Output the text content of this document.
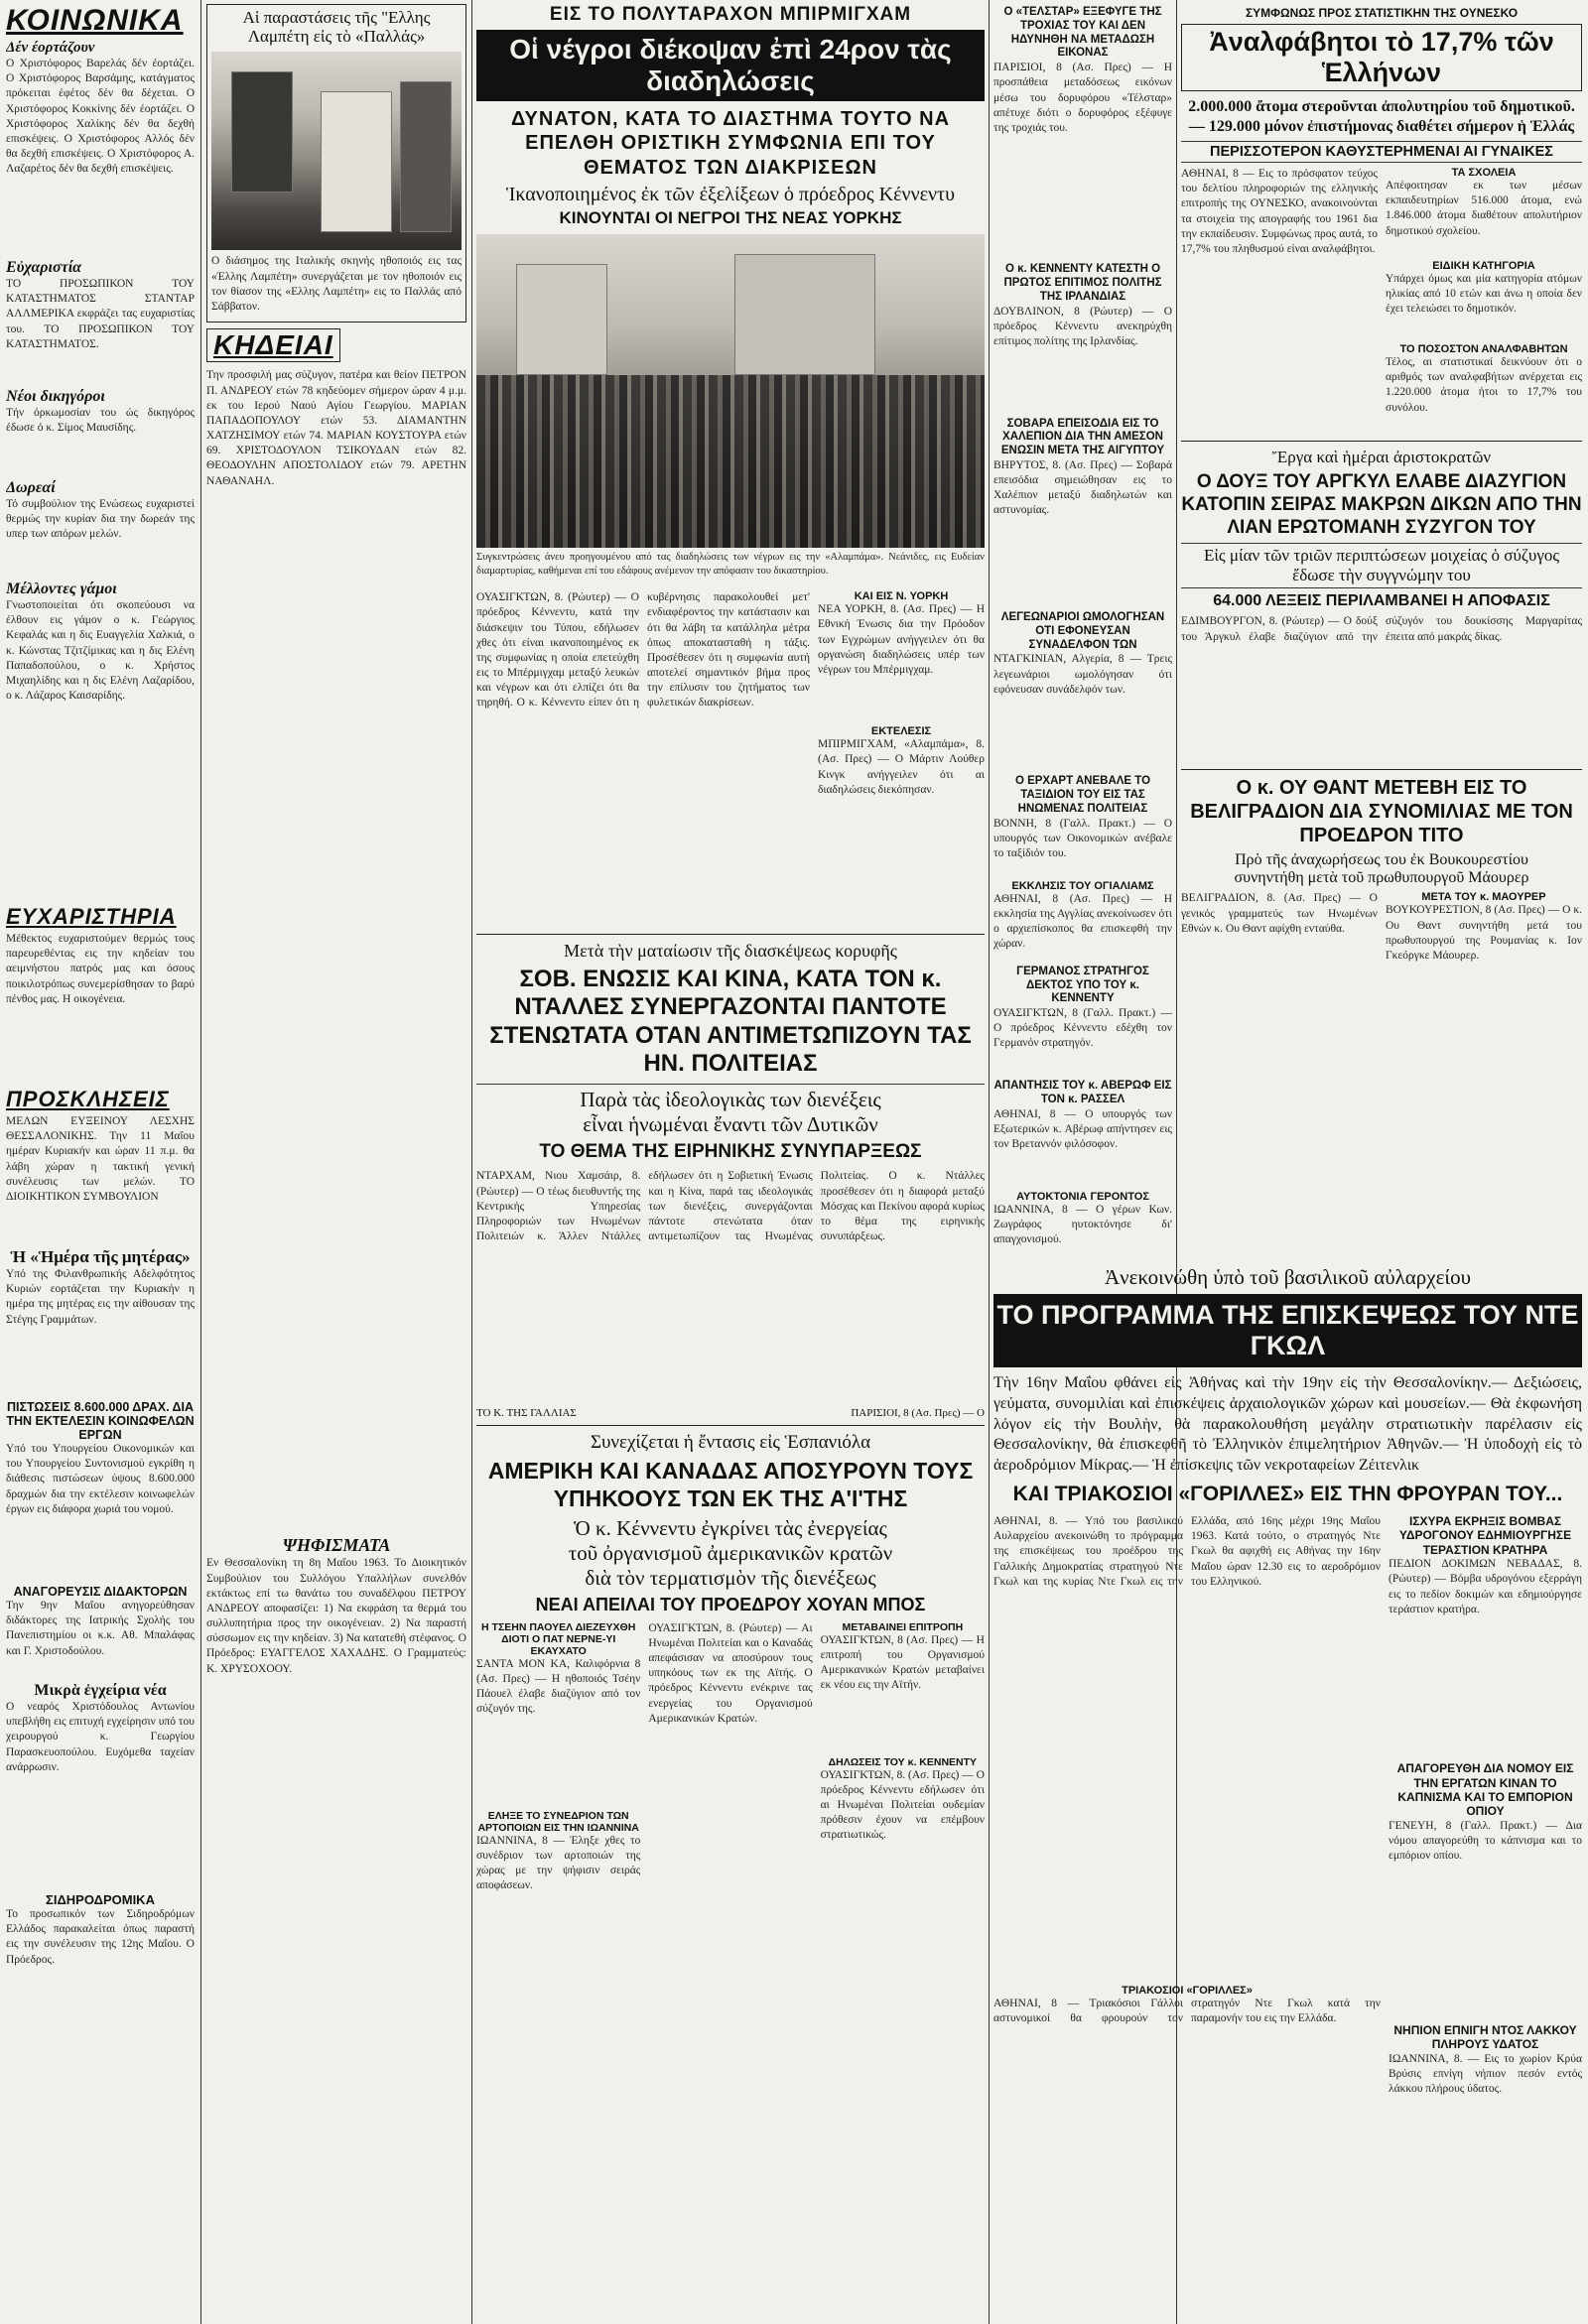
ΚΟΙΝΩΝΙΚΑ
Δέν έορτάζουν
Ο Χριστόφορος Βαρελάς δέν έορτάζει. Ο Χριστόφορος Βαρσάμης, κατάγματος πρόκειται έφέτος δέν θα δέχεται. Ο Χριστόφορος Κοκκίνης δέν έορτάζει. Ο Χριστόφορος Χαλίκης δέν θα δεχθή επισκέψεις. Ο Χριστόφορος Αλλός δέν θα δεχθή επισκέψεις. Ο Χριστόφορος Α. Λαζαρέτος δέν θα δεχθή επισκέψεις.
Εὐχαριστία
ΤΟ ΠΡΟΣΩΠΙΚΟΝ ΤΟΥ ΚΑΤΑΣΤΗΜΑΤΟΣ ΣΤΑΝΤΑΡ ΑΛΛΜΕΡΙΚΑ εκφράζει τας ευχαριστίας του. ΤΟ ΠΡΟΣΩΠΙΚΟΝ ΤΟΥ ΚΑΤΑΣΤΗΜΑΤΟΣ.
Νέοι δικηγόροι
Τήν όρκωμοσίαν του ώς δικηγόρος έδωσε ό κ. Σίμος Μαυσίδης.
Δωρεαί
Τό συμβούλιον της Ενώσεως ευχαριστεί θερμώς την κυρίαν δια την δωρεάν της υπερ των απόρων μελών.
Μέλλοντες γάμοι
Γνωστοποιείται ότι σκοπεύουσι να έλθουν εις γάμον ο κ. Γεώργιος Κεφαλάς και η δις Ευαγγελία Χαλκιά, ο κ. Κώνστας Τζιτζίμικας και η δις Ελένη Παπαδοπούλου, ο κ. Χρήστος Μιχαηλίδης και η δις Ελένη Λαζαρίδου, ο κ. Λάζαρος Καισαρίδης.
ΕΥΧΑΡΙΣΤΗΡΙΑ
Μέθεκτος ευχαριστούμεν θερμώς τους παρευρεθέντας εις την κηδείαν του αειμνήστου πατρός μας και όσους ποικιλοτρόπως συνεμερίσθησαν το βαρύ πένθος μας. Η οικογένεια.
ΠΡΟΣΚΛΗΣΕΙΣ
ΜΕΛΩΝ ΕΥΞΕΙΝΟΥ ΛΕΣΧΗΣ ΘΕΣΣΑΛΟΝΙΚΗΣ. Την 11 Μαΐου ημέραν Κυριακήν και ώραν 11 π.μ. θα λάβη χώραν η τακτική γενική συνέλευσις των μελών. ΤΟ ΔΙΟΙΚΗΤΙΚΟΝ ΣΥΜΒΟΥΛΙΟΝ
Ἡ «Ἡμέρα τῆς μητέρας»
Υπό της Φιλανθρωπικής Αδελφότητος Κυριών εορτάζεται την Κυριακήν η ημέρα της μητέρας εις την αίθουσαν της Στέγης Γραμμάτων.
ΠΙΣΤΩΣΕΙΣ 8.600.000 ΔΡΑΧ. ΔΙΑ ΤΗΝ ΕΚΤΕΛΕΣΙΝ ΚΟΙΝΩΦΕΛΩΝ ΕΡΓΩΝ
Υπό του Υπουργείου Οικονομικών και του Υπουργείου Συντονισμού εγκρίθη η διάθεσις πιστώσεων ύψους 8.600.000 δραχμών δια την εκτέλεσιν κοινωφελών έργων εις διάφορα χωριά του νομού.
ΑΝΑΓΟΡΕΥΣΙΣ ΔΙΔΑΚΤΟΡΩΝ
Την 9ην Μαΐου ανηγορεύθησαν διδάκτορες της Ιατρικής Σχολής του Πανεπιστημίου οι κ.κ. Αθ. Μπαλάφας και Γ. Χριστοδούλου.
Μικρὰ ἐγχείρια νέα
Ο νεαρός Χριστόδουλος Αντωνίου υπεβλήθη εις επιτυχή εγχείρησιν υπό του χειρουργού κ. Γεωργίου Παρασκευοπούλου. Ευχόμεθα ταχείαν ανάρρωσιν.
ΣΙΔΗΡΟΔΡΟΜΙΚΑ
Το προσωπικόν των Σιδηροδρόμων Ελλάδος παρακαλείται όπως παραστή εις την συνέλευσιν της 12ης Μαΐου. Ο Πρόεδρος.
Αἱ παραστάσεις τῆς "Ελλης Λαμπέτη εἰς τὸ «Παλλάς»
Ο διάσημος της Ιταλικής σκηνής ηθοποιός εις τας «Έλλης Λαμπέτη» συνεργάζεται με τον ηθοποιόν εις τον θίασον της «Ελλης Λαμπέτη» εις το Παλλάς από Σάββατον.
ΚΗΔΕΙΑΙ
Την προσφιλή μας σύζυγον, πατέρα και θείον ΠΕΤΡΟΝ Π. ΑΝΔΡΕΟΥ ετών 78 κηδεύομεν σήμερον ώραν 4 μ.μ. εκ του Ιερού Ναού Αγίου Γεωργίου. ΜΑΡΙΑΝ ΠΑΠΑΔΟΠΟΥΛΟΥ ετών 53. ΔΙΑΜΑΝΤΗΝ ΧΑΤΖΗΣΙΜΟΥ ετών 74. ΜΑΡΙΑΝ ΚΟΥΣΤΟΥΡΑ ετών 69. ΧΡΙΣΤΟΔΟΥΛΟΝ ΤΣΙΚΟΥΔΑΝ ετών 82. ΘΕΟΔΟΥΛΗΝ ΑΠΟΣΤΟΛΙΔΟΥ ετών 79. ΑΡΕΤΗΝ ΝΑΘΑΝΑΗΛ.
ΨΗΦΙΣΜΑΤΑ
Εν Θεσσαλονίκη τη 8η Μαΐου 1963. Το Διοικητικόν Συμβούλιον του Συλλόγου Υπαλλήλων συνελθόν εκτάκτως επί τω θανάτω του συναδέλφου ΠΕΤΡΟΥ ΑΝΔΡΕΟΥ αποφασίζει: 1) Να εκφράση τα θερμά του συλλυπητήρια προς την οικογένειαν. 2) Να παραστή σύσσωμον εις την κηδείαν. 3) Να κατατεθή στέφανος. Ο Πρόεδρος: ΕΥΑΓΓΕΛΟΣ ΧΑΧΑΔΗΣ. Ο Γραμματεύς: Κ. ΧΡΥΣΟΧΟΟΥ.
ΕΙΣ ΤΟ ΠΟΛΥΤΑΡΑΧΟΝ ΜΠΙΡΜΙΓΧΑΜ
Οἱ νέγροι διέκοψαν ἐπὶ 24ρον τὰς διαδηλώσεις
ΔΥΝΑΤΟΝ, ΚΑΤΑ ΤΟ ΔΙΑΣΤΗΜΑ ΤΟΥΤΟ ΝΑ ΕΠΕΛΘΗ ΟΡΙΣΤΙΚΗ ΣΥΜΦΩΝΙΑ ΕΠΙ ΤΟΥ ΘΕΜΑΤΟΣ ΤΩΝ ΔΙΑΚΡΙΣΕΩΝ
Ἱκανοποιημένος ἐκ τῶν ἐξελίξεων ὁ πρόεδρος Κέννεντυ
ΚΙΝΟΥΝΤΑΙ ΟΙ ΝΕΓΡΟΙ ΤΗΣ ΝΕΑΣ ΥΟΡΚΗΣ
Συγκεντρώσεις άνευ προηγουμένου από τας διαδηλώσεις των νέγρων εις την «Αλαμπάμα». Νεάνιδες, εις Ευδείαν διαμαρτυρίας, καθήμεναι επί του εδάφους ανέμενον την απόφασιν του δικαστηρίου.
ΟΥΑΣΙΓΚΤΩΝ, 8. (Ρώυτερ) — Ο πρόεδρος Κέννεντυ, κατά την διάσκεψιν του Τύπου, εδήλωσεν χθες ότι είναι ικανοποιημένος εκ της συμφωνίας η οποία επετεύχθη εις το Μπέρμιγχαμ μεταξύ λευκών και νέγρων και ότι ελπίζει ότι θα τηρηθή. Ο κ. Κέννεντυ είπεν ότι η κυβέρνησις παρακολουθεί μετ' ενδιαφέροντος την κατάστασιν και ότι θα λάβη τα κατάλληλα μέτρα όπως αποκατασταθή η τάξις. Προσέθεσεν ότι η συμφωνία αυτή αποτελεί σημαντικόν βήμα προς την επίλυσιν του ζητήματος των φυλετικών διακρίσεων.
ΚΑΙ ΕΙΣ Ν. ΥΟΡΚΗ
ΝΕΑ ΥΟΡΚΗ, 8. (Ασ. Πρες) — Η Εθνική Ένωσις δια την Πρόοδον των Εγχρώμων ανήγγειλεν ότι θα οργανώση διαδηλώσεις υπέρ των νέγρων του Μπέρμιγχαμ.
ΕΚΤΕΛΕΣΙΣ
ΜΠΙΡΜΙΓΧΑΜ, «Αλαμπάμα», 8. (Ασ. Πρες) — Ο Μάρτιν Λούθερ Κινγκ ανήγγειλεν ότι αι διαδηλώσεις διεκόπησαν.
Μετὰ τὴν ματαίωσιν τῆς διασκέψεως κορυφῆς
ΣΟΒ. ΕΝΩΣΙΣ ΚΑΙ ΚΙΝΑ, ΚΑΤΑ ΤΟΝ κ. ΝΤΑΛΛΕΣ ΣΥΝΕΡΓΑΖΟΝΤΑΙ ΠΑΝΤΟΤΕ ΣΤΕΝΩΤΑΤΑ ΟΤΑΝ ΑΝΤΙΜΕΤΩΠΙΖΟΥΝ ΤΑΣ ΗΝ. ΠΟΛΙΤΕΙΑΣ
Παρὰ τὰς ἰδεολογικὰς των διενέξεις
εἶναι ἡνωμέναι ἔναντι τῶν Δυτικῶν
ΤΟ ΘΕΜΑ ΤΗΣ ΕΙΡΗΝΙΚΗΣ ΣΥΝΥΠΑΡΞΕΩΣ
ΝΤΑΡΧΑΜ, Νιου Χαμσάιρ, 8. (Ρώυτερ) — Ο τέως διευθυντής της Κεντρικής Υπηρεσίας Πληροφοριών των Ηνωμένων Πολιτειών κ. Άλλεν Ντάλλες εδήλωσεν ότι η Σοβιετική Ένωσις και η Κίνα, παρά τας ιδεολογικάς των διενέξεις, συνεργάζονται πάντοτε στενώτατα όταν αντιμετωπίζουν τας Ηνωμένας Πολιτείας. Ο κ. Ντάλλες προσέθεσεν ότι η διαφορά μεταξύ Μόσχας και Πεκίνου αφορά κυρίως το θέμα της ειρηνικής συνυπάρξεως.
ΤΟ Κ. ΤΗΣ ΓΑΛΛΙΑΣ	ΠΑΡΙΣΙΟΙ, 8 (Ασ. Πρες) — Ο
Συνεχίζεται ἡ ἔντασις εἰς Ἑσπανιόλα
ΑΜΕΡΙΚΗ ΚΑΙ ΚΑΝΑΔΑΣ ΑΠΟΣΥΡΟΥΝ ΤΟΥΣ ΥΠΗΚΟΟΥΣ ΤΩΝ ΕΚ ΤΗΣ Α'Ι'ΤΗΣ
Ὁ κ. Κέννεντυ ἐγκρίνει τὰς ἐνεργείας
τοῦ ὀργανισμοῦ ἀμερικανικῶν κρατῶν
διὰ τὸν τερματισμὸν τῆς διενέξεως
ΝΕΑΙ ΑΠΕΙΛΑΙ ΤΟΥ ΠΡΟΕΔΡΟΥ ΧΟΥΑΝ ΜΠΟΣ
Η ΤΣΕΗΝ ΠΑΟΥΕΛ ΔΙΕΖΕΥΧΘΗ ΔΙΟΤΙ Ο ΠΑΤ ΝΕΡΝΕ-ΥΙ ΕΚΑΥΧΑΤΟ
ΣΑΝΤΑ ΜΟΝ ΚΑ, Καλιφόρνια 8 (Ασ. Πρες) — Η ηθοποιός Τσέην Πάουελ έλαβε διαζύγιον από τον σύζυγόν της.
ΕΛΗΞΕ ΤΟ ΣΥΝΕΔΡΙΟΝ ΤΩΝ ΑΡΤΟΠΟΙΩΝ ΕΙΣ ΤΗΝ ΙΩΑΝΝΙΝΑ
ΙΩΑΝΝΙΝΑ, 8 — Έληξε χθες το συνέδριον των αρτοποιών της χώρας με την ψήφισιν σειράς αποφάσεων.
ΟΥΑΣΙΓΚΤΩΝ, 8. (Ρώυτερ) — Αι Ηνωμέναι Πολιτείαι και ο Καναδάς απεφάσισαν να αποσύρουν τους υπηκόους των εκ της Αϊτής. Ο πρόεδρος Κέννεντυ ενέκρινε τας ενεργείας του Οργανισμού Αμερικανικών Κρατών.
ΜΕΤΑΒΑΙΝΕΙ ΕΠΙΤΡΟΠΗ
ΟΥΑΣΙΓΚΤΩΝ, 8 (Ασ. Πρες) — Η επιτροπή του Οργανισμού Αμερικανικών Κρατών μεταβαίνει εκ νέου εις την Αϊτήν.
ΔΗΛΩΣΕΙΣ ΤΟΥ κ. ΚΕΝΝΕΝΤΥ
ΟΥΑΣΙΓΚΤΩΝ, 8. (Ασ. Πρες) — Ο πρόεδρος Κέννεντυ εδήλωσεν ότι αι Ηνωμέναι Πολιτείαι ουδεμίαν πρόθεσιν έχουν να επέμβουν στρατιωτικώς.
Ο «ΤΕΛΣΤΑΡ» ΕΞΕΦΥΓΕ ΤΗΣ ΤΡΟΧΙΑΣ ΤΟΥ ΚΑΙ ΔΕΝ ΗΔΥΝΗΘΗ ΝΑ ΜΕΤΑΔΩΣΗ ΕΙΚΟΝΑΣ
ΠΑΡΙΣΙΟΙ, 8 (Ασ. Πρες) — Η προσπάθεια μεταδόσεως εικόνων μέσω του δορυφόρου «Τέλσταρ» απέτυχε διότι ο δορυφόρος εξέφυγε της τροχιάς του.
Ο κ. ΚΕΝΝΕΝΤΥ ΚΑΤΕΣΤΗ Ο ΠΡΩΤΟΣ ΕΠΙΤΙΜΟΣ ΠΟΛΙΤΗΣ ΤΗΣ ΙΡΛΑΝΔΙΑΣ
ΔΟΥΒΛΙΝΟΝ, 8 (Ρώυτερ) — Ο πρόεδρος Κέννεντυ ανεκηρύχθη επίτιμος πολίτης της Ιρλανδίας.
ΣΟΒΑΡΑ ΕΠΕΙΣΟΔΙΑ ΕΙΣ ΤΟ ΧΑΛΕΠΙΟΝ ΔΙΑ ΤΗΝ ΑΜΕΣΟΝ ΕΝΩΣΙΝ ΜΕΤΑ ΤΗΣ ΑΙΓΥΠΤΟΥ
ΒΗΡΥΤΟΣ, 8. (Ασ. Πρες) — Σοβαρά επεισόδια σημειώθησαν εις το Χαλέπιον μεταξύ διαδηλωτών και αστυνομίας.
ΛΕΓΕΩΝΑΡΙΟΙ ΩΜΟΛΟΓΗΣΑΝ ΟΤΙ ΕΦΟΝΕΥΣΑΝ ΣΥΝΑΔΕΛΦΟΝ ΤΩΝ
ΝΤΑΓΚΙΝΙΑΝ, Αλγερία, 8 — Τρεις λεγεωνάριοι ωμολόγησαν ότι εφόνευσαν συνάδελφόν των.
Ο ΕΡΧΑΡΤ ΑΝΕΒΑΛΕ ΤΟ ΤΑΞΙΔΙΟΝ ΤΟΥ ΕΙΣ ΤΑΣ ΗΝΩΜΕΝΑΣ ΠΟΛΙΤΕΙΑΣ
ΒΟΝΝΗ, 8 (Γαλλ. Πρακτ.) — Ο υπουργός των Οικονομικών ανέβαλε το ταξίδιόν του.
ΕΚΚΛΗΣΙΣ ΤΟΥ ΟΓΙΑΛΙΑΜΣ
ΑΘΗΝΑΙ, 8 (Ασ. Πρες) — Η εκκλησία της Αγγλίας ανεκοίνωσεν ότι ο αρχιεπίσκοπος θα επισκεφθή την χώραν.
ΓΕΡΜΑΝΟΣ ΣΤΡΑΤΗΓΟΣ ΔΕΚΤΟΣ ΥΠΟ ΤΟΥ κ. ΚΕΝΝΕΝΤΥ
ΟΥΑΣΙΓΚΤΩΝ, 8 (Γαλλ. Πρακτ.) — Ο πρόεδρος Κέννεντυ εδέχθη τον Γερμανόν στρατηγόν.
ΑΠΑΝΤΗΣΙΣ ΤΟΥ κ. ΑΒΕΡΩΦ ΕΙΣ ΤΟΝ κ. ΡΑΣΣΕΛ
ΑΘΗΝΑΙ, 8 — Ο υπουργός των Εξωτερικών κ. Αβέρωφ απήντησεν εις τον Βρεταννόν φιλόσοφον.
ΑΥΤΟΚΤΟΝΙΑ ΓΕΡΟΝΤΟΣ
ΙΩΑΝΝΙΝΑ, 8 — Ο γέρων Κων. Ζωγράφος ηυτοκτόνησε δι' απαγχονισμού.
ΣΥΜΦΩΝΩΣ ΠΡΟΣ ΣΤΑΤΙΣΤΙΚΗΝ ΤΗΣ ΟΥΝΕΣΚΟ
Ἀναλφάβητοι τὸ 17,7% τῶν Ἑλλήνων
2.000.000 ἄτομα στεροῦνται ἀπολυτηρίου τοῦ δημοτικοῦ. — 129.000 μόνον ἐπιστήμονας διαθέτει σήμερον ἡ Ἑλλάς
ΠΕΡΙΣΣΟΤΕΡΟΝ ΚΑΘΥΣΤΕΡΗΜΕΝΑΙ ΑΙ ΓΥΝΑΙΚΕΣ
ΑΘΗΝΑΙ, 8 — Εις το πρόσφατον τεύχος του δελτίου πληροφοριών της ελληνικής επιτροπής της ΟΥΝΕΣΚΟ, ανακοινούνται τα στοιχεία της απογραφής του 1961 δια την εκπαίδευσιν. Συμφώνως προς αυτά, το 17,7% του πληθυσμού είναι αναλφάβητοι.
ΤΑ ΣΧΟΛΕΙΑ
Απέφοιτησαν εκ των μέσων εκπαιδευτηρίων 516.000 άτομα, ενώ 1.846.000 άτομα διαθέτουν απολυτήριον δημοτικού σχολείου.
ΕΙΔΙΚΗ ΚΑΤΗΓΟΡΙΑ
Υπάρχει όμως και μία κατηγορία ατόμων ηλικίας από 10 ετών και άνω η οποία δεν έχει τελειώσει το δημοτικόν.
ΤΟ ΠΟΣΟΣΤΟΝ ΑΝΑΛΦΑΒΗΤΩΝ
Τέλος, αι στατιστικαί δεικνύουν ότι ο αριθμός των αναλφαβήτων ανέρχεται εις 1.220.000 άτομα ήτοι το 17,7% του συνόλου.
Ἔργα καὶ ἡμέραι ἀριστοκρατῶν
Ο ΔΟΥΞ ΤΟΥ ΑΡΓΚΥΛ ΕΛΑΒΕ ΔΙΑΖΥΓΙΟΝ ΚΑΤΟΠΙΝ ΣΕΙΡΑΣ ΜΑΚΡΩΝ ΔΙΚΩΝ ΑΠΟ ΤΗΝ ΛΙΑΝ ΕΡΩΤΟΜΑΝΗ ΣΥΖΥΓΟΝ ΤΟΥ
Εἰς μίαν τῶν τριῶν περιπτώσεων μοιχείας ὁ σύζυγος ἔδωσε τὴν συγγνώμην του
64.000 ΛΕΞΕΙΣ ΠΕΡΙΛΑΜΒΑΝΕΙ Η ΑΠΟΦΑΣΙΣ
ΕΔΙΜΒΟΥΡΓΟΝ, 8. (Ρώυτερ) — Ο δούξ του Άργκυλ έλαβε διαζύγιον από την σύζυγόν του δουκίσσης Μαργαρίτας έπειτα από μακράς δίκας.
Ο κ. ΟΥ ΘΑΝΤ ΜΕΤΕΒΗ ΕΙΣ ΤΟ ΒΕΛΙΓΡΑΔΙΟΝ ΔΙΑ ΣΥΝΟΜΙΛΙΑΣ ΜΕ ΤΟΝ ΠΡΟΕΔΡΟΝ ΤΙΤΟ
Πρὸ τῆς ἀναχωρήσεως του ἐκ Βουκουρεστίου
συνηντήθη μετὰ τοῦ πρωθυπουργοῦ Μάουρερ
ΒΕΛΙΓΡΑΔΙΟΝ, 8. (Ασ. Πρες) — Ο γενικός γραμματεύς των Ηνωμένων Εθνών κ. Ου Θαντ αφίχθη ενταύθα.
ΜΕΤΑ ΤΟΥ κ. ΜΑΟΥΡΕΡ
ΒΟΥΚΟΥΡΕΣΤΙΟΝ, 8 (Ασ. Πρες) — Ο κ. Ου Θαντ συνηντήθη μετά του πρωθυπουργού της Ρουμανίας κ. Ιον Γκεόργκε Μάουρερ.
Ἀνεκοινώθη ὑπὸ τοῦ βασιλικοῦ αὐλαρχείου
ΤΟ ΠΡΟΓΡΑΜΜΑ ΤΗΣ ΕΠΙΣΚΕΨΕΩΣ ΤΟΥ ΝΤΕ ΓΚΩΛ
Τὴν 16ην Μαΐου φθάνει εἰς Ἀθήνας καὶ τὴν 19ην εἰς τὴν Θεσσαλονίκην.— Δεξιώσεις, γεύματα, συνομιλίαι καὶ ἐπισκέψεις ἀρχαιολογικῶν χώρων καὶ μουσείων.— Θὰ ἐκφωνήση λόγον εἰς τὴν Βουλὴν, θὰ παρακολουθήση μεγάλην στρατιωτικὴν παρέλασιν εἰς Θεσσαλονίκην, θὰ ἐπισκεφθῆ τὸ Ἐλληνικὸν ἐπιμελητήριον Ἀθηνῶν.— Ἡ ὑποδοχὴ εἰς τὸ ἀεροδρόμιον Μίκρας.— Ἡ ἐπίσκεψις τῶν νεκροταφείων Ζέιτενλικ
ΚΑΙ ΤΡΙΑΚΟΣΙΟΙ «ΓΟΡΙΛΛΕΣ» ΕΙΣ ΤΗΝ ΦΡΟΥΡΑΝ ΤΟΥ...
ΑΘΗΝΑΙ, 8. — Υπό του βασιλικού Αυλαρχείου ανεκοινώθη το πρόγραμμα της επισκέψεως του προέδρου της Γαλλικής Δημοκρατίας στρατηγού Ντε Γκωλ και της κυρίας Ντε Γκωλ εις την Ελλάδα, από 16ης μέχρι 19ης Μαΐου 1963. Κατά τούτο, ο στρατηγός Ντε Γκωλ θα αφιχθή εις Αθήνας την 16ην Μαΐου ώραν 12.30 εις το αεροδρόμιον του Ελληνικού.
ΤΡΙΑΚΟΣΙΟΙ «ΓΟΡΙΛΛΕΣ»
ΑΘΗΝΑΙ, 8 — Τριακόσιοι Γάλλοι αστυνομικοί θα φρουρούν τον στρατηγόν Ντε Γκωλ κατά την παραμονήν του εις την Ελλάδα.
ΙΣΧΥΡΑ ΕΚΡΗΞΙΣ ΒΟΜΒΑΣ ΥΔΡΟΓΟΝΟΥ ΕΔΗΜΙΟΥΡΓΗΣΕ ΤΕΡΑΣΤΙΟΝ ΚΡΑΤΗΡΑ
ΠΕΔΙΟΝ ΔΟΚΙΜΩΝ ΝΕΒΑΔΑΣ, 8. (Ρώυτερ) — Βόμβα υδρογόνου εξερράγη εις το πεδίον δοκιμών και εδημιούργησε τεράστιον κρατήρα.
ΑΠΑΓΟΡΕΥΘΗ ΔΙΑ ΝΟΜΟΥ ΕΙΣ ΤΗΝ ΕΡΓΑΤΩΝ ΚΙΝΑΝ ΤΟ ΚΑΠΝΙΣΜΑ ΚΑΙ ΤΟ ΕΜΠΟΡΙΟΝ ΟΠΙΟΥ
ΓΕΝΕΥΗ, 8 (Γαλλ. Πρακτ.) — Δια νόμου απαγορεύθη το κάπνισμα και το εμπόριον οπίου.
ΝΗΠΙΟΝ ΕΠΝΙΓΗ ΝΤΟΣ ΛΑΚΚΟΥ ΠΛΗΡΟΥΣ ΥΔΑΤΟΣ
ΙΩΑΝΝΙΝΑ, 8. — Εις το χωρίον Κρύα Βρύσις επνίγη νήπιον πεσόν εντός λάκκου πλήρους ύδατος.
